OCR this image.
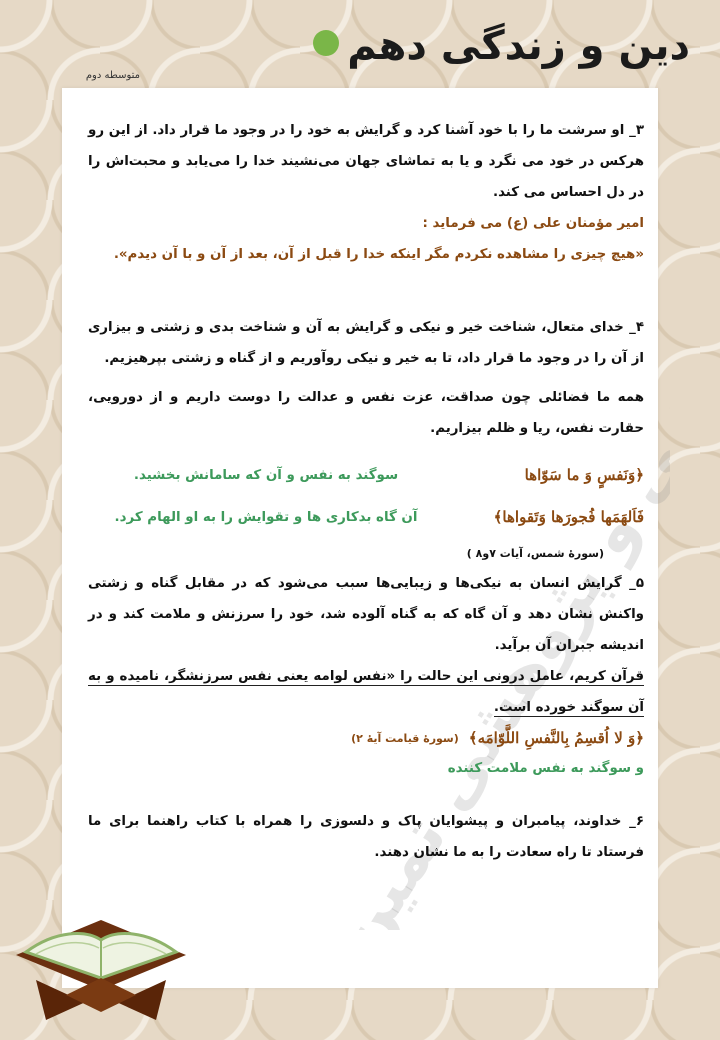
دین و زندگی دهم
متوسطه دوم
و پژوهشی تمین

۳_ او سرشت ما را با خود آشنا کرد و گرایش به خود را در وجود ما قرار داد. از این رو هرکس در خود می نگرد و یا به تماشای جهان می‌نشیند خدا را می‌یابد و محبت‌اش را در دل احساس می کند.

امیر مؤمنان علی (ع) می فرماید :

«هیچ چیزی را مشاهده نکردم مگر اینکه خدا را قبل از آن، بعد از آن و با آن دیدم».

۴_ خدای متعال، شناخت خیر و نیکی و گرایش به آن و شناخت بدی و زشتی و بیزاری از آن را در وجود ما قرار داد، تا به خیر و نیکی روآوریم و از گناه و زشتی بپرهیزیم.

همه ما فضائلی چون صداقت، عزت نفس و عدالت را دوست داریم و از دورویی، حقارت نفس، ریا و ظلم بیزاریم.

﴿وَنَفسٍ وَ ما سَوّاها
سوگند به نفس و آن که سامانش بخشید.
فَاَلهَمَها فُجورَها وَتَقواها﴾
آن گاه بدکاری ها و تقوایش را به او الهام کرد.
(سورهٔ شمس، آیات ۷و۸ )

۵_ گرایش انسان به نیکی‌ها و زیبایی‌ها سبب می‌شود که در مقابل گناه و زشتی واکنش نشان دهد و آن گاه که به گناه آلوده شد، خود را سرزنش و ملامت کند و در اندیشه جبران آن برآید.

قرآن کریم، عامل درونی این حالت را «نفس لوامه یعنی نفس سرزنشگر، نامیده و به آن سوگند خورده است.

﴿وَ لا اُقسِمُ بِالنَّفسِ اللَّوّامَه﴾
(سورهٔ قیامت آیهٔ ۲)

و سوگند به نفس ملامت کننده

۶_ خداوند، پیامبران و پیشوایان پاک و دلسوزی را همراه با کتاب راهنما برای ما فرستاد تا راه سعادت را به ما نشان دهند.
